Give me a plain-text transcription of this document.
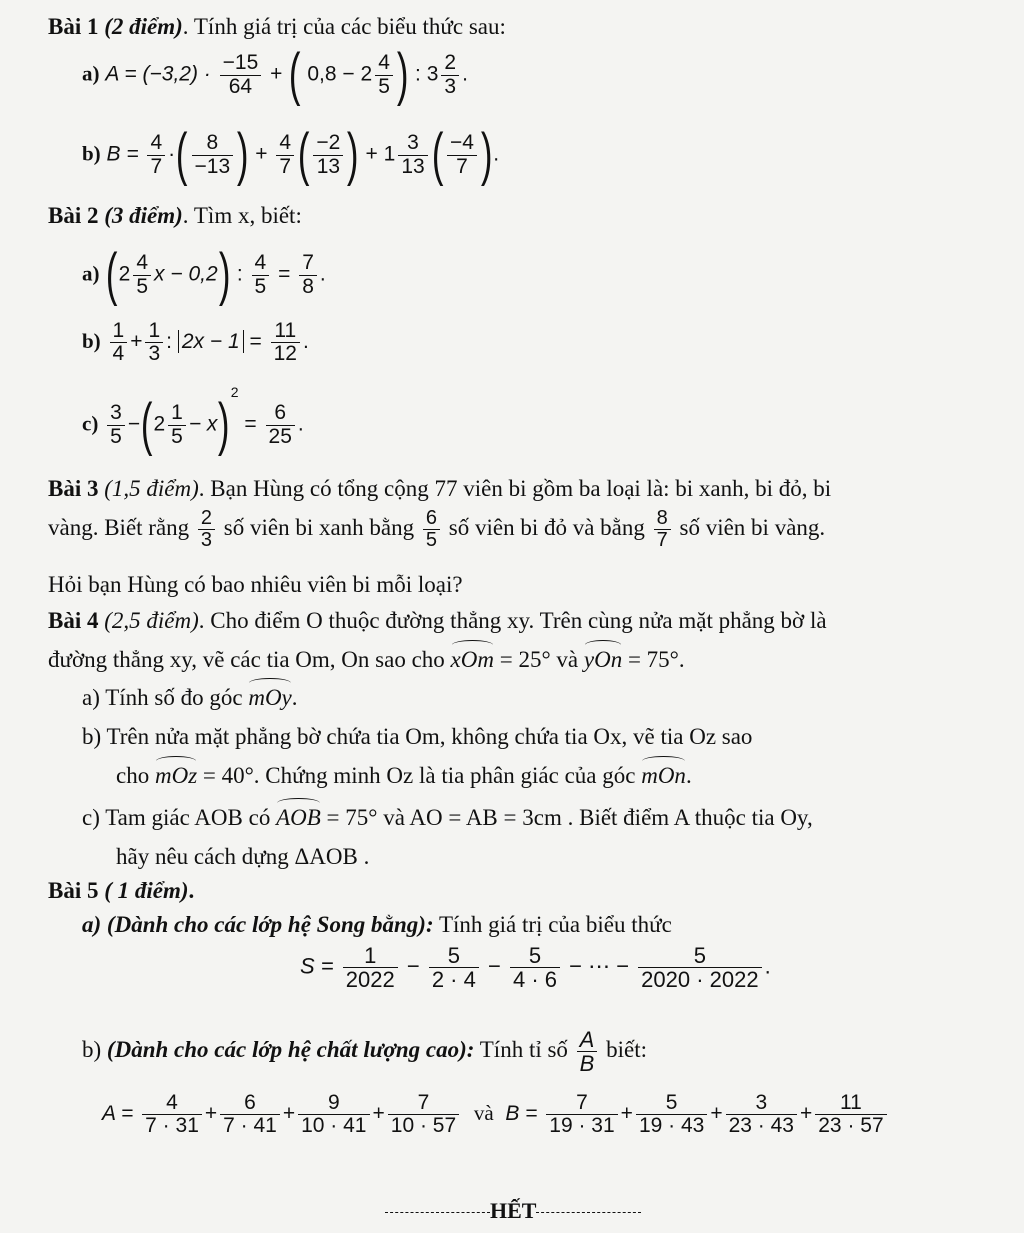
Bài 1 (2 điểm). Tính giá trị của các biểu thức sau:
a) $A = (-3,2) \cdot \frac{-15}{64}$ + ( $0,8 - 2 \frac{4}{5}$ ) : $3 \frac{2}{3}$ .
b) $B = \frac{4}{7}$ ·( $\frac{8}{-13}$ ) + $\frac{4}{7}$ ( $\frac{-2}{13}$ ) + $1 \frac{3}{13}$ ( $\frac{-4}{7}$ ).
Bài 2 (3 điểm). Tìm x, biết:
a) ($2 \frac{4}{5}$ x − 0,2) : $\frac{4}{5} = \frac{7}{8}$ .
$b) \frac{1}{4} + \frac{1}{3}$ : $2x - 1 = \frac{11}{12}$ .
$c) \frac{3}{5} -(2 \frac{1}{5} - x)^2 = \frac{6}{25}$ .
Bài 3 (1,5 điểm). Bạn Hùng có tổng cộng 77 viên bi gồm ba loại là: bi xanh, bi đỏ, bi
vàng. Biết rằng $\frac{2}{3}$ số viên bi xanh bằng $\frac{6}{5}$ số viên bi đỏ và bằng $\frac{8}{7}$ số viên bi vàng.
Hỏi bạn Hùng có bao nhiêu viên bi mỗi loại?
Bài 4 (2,5 điểm). Cho điểm O thuộc đường thẳng xy. Trên cùng nửa mặt phẳng bờ là
đường thẳng xy, vẽ các tia Om, On sao cho xOm = 25° và yOn = 75°.
a) Tính số đo góc mOy.
b) Trên nửa mặt phẳng bờ chứa tia Om, không chứa tia Ox, vẽ tia Oz sao
cho mOz = 40°. Chứng minh Oz là tia phân giác của góc mOn.
c) Tam giác AOB có AOB = 75° và AO = AB = 3cm . Biết điểm A thuộc tia Oy,
hãy nêu cách dựng ΔAOB .
Bài 5 ( 1 điểm).
a) (Dành cho các lớp hệ Song bằng): Tính giá trị của biểu thức
$S = \frac{1}{2022} - \frac{5}{2 \cdot 4} - \frac{5}{4 \cdot 6}$ − ⋯ − $\frac{5}{2020 \cdot 2022}$ .
b) (Dành cho các lớp hệ chất lượng cao): Tính tỉ số $\frac{A}{B}$ biết:
$A = \frac{4}{7 \cdot 31} + \frac{6}{7 \cdot 41} + \frac{9}{10 \cdot 41} + \frac{7}{10 \cdot 57}$ và $B = \frac{7}{19 \cdot 31} + \frac{5}{19 \cdot 43} + \frac{3}{23 \cdot 43} + \frac{11}{23 \cdot 57}$
HẾT
